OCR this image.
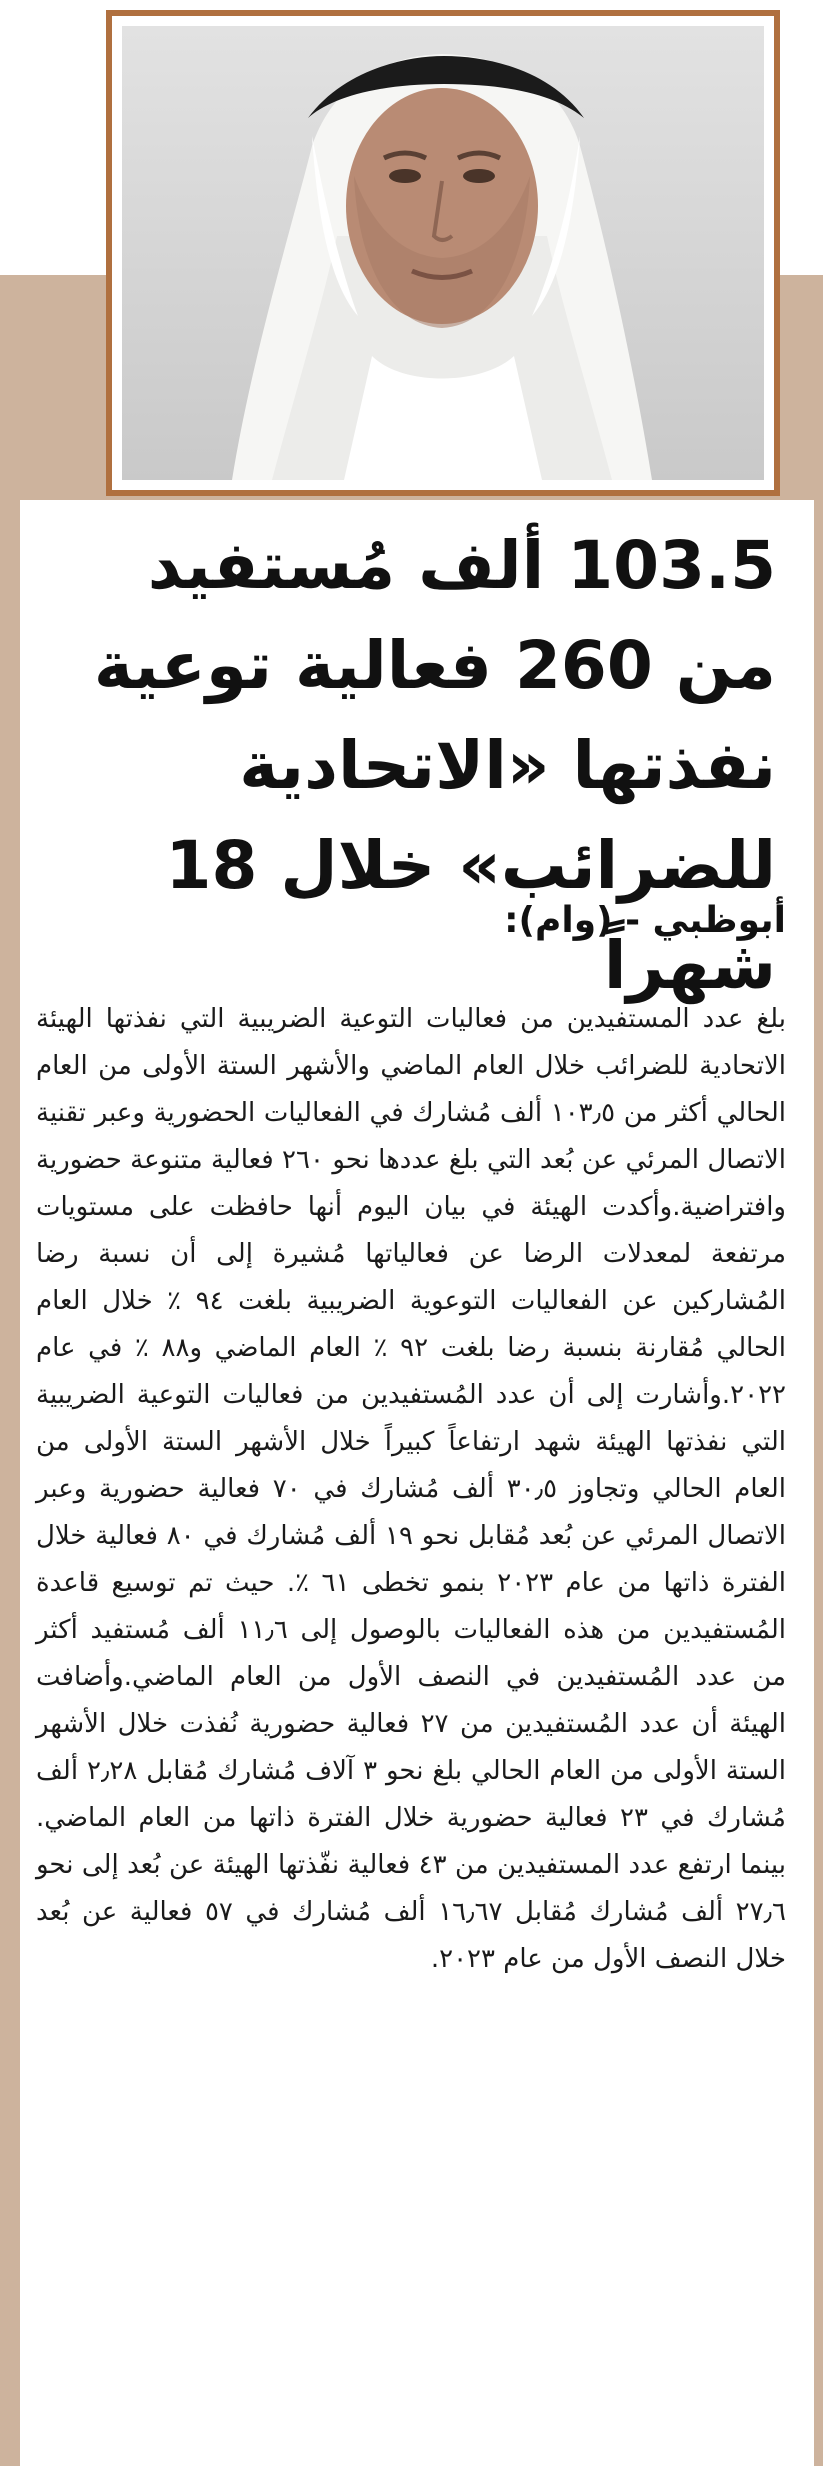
103.5 ألف مُستفيد من 260 فعالية توعية نفذتها «الاتحادية للضرائب» خلال 18 شهراً
أبوظبي - (وام):

بلغ عدد المستفيدين من فعاليات التوعية الضريبية التي نفذتها الهيئة الاتحادية للضرائب خلال العام الماضي والأشهر الستة الأولى من العام الحالي أكثر من ١٠٣٫٥ ألف مُشارك في الفعاليات الحضورية وعبر تقنية الاتصال المرئي عن بُعد التي بلغ عددها نحو ٢٦٠ فعالية متنوعة حضورية وافتراضية.وأكدت الهيئة في بيان اليوم أنها حافظت على مستويات مرتفعة لمعدلات الرضا عن فعالياتها مُشيرة إلى أن نسبة رضا المُشاركين عن الفعاليات التوعوية الضريبية بلغت ٩٤ ٪ خلال العام الحالي مُقارنة بنسبة رضا بلغت ٩٢ ٪ العام الماضي و٨٨ ٪ في عام ٢٠٢٢.وأشارت إلى أن عدد المُستفيدين من فعاليات التوعية الضريبية التي نفذتها الهيئة شهد ارتفاعاً كبيراً خلال الأشهر الستة الأولى من العام الحالي وتجاوز ٣٠٫٥ ألف مُشارك في ٧٠ فعالية حضورية وعبر الاتصال المرئي عن بُعد مُقابل نحو ١٩ ألف مُشارك في ٨٠ فعالية خلال الفترة ذاتها من عام ٢٠٢٣ بنمو تخطى ٦١ ٪. حيث تم توسيع قاعدة المُستفيدين من هذه الفعاليات بالوصول إلى ١١٫٦ ألف مُستفيد أكثر من عدد المُستفيدين في النصف الأول من العام الماضي.وأضافت الهيئة أن عدد المُستفيدين من ٢٧ فعالية حضورية نُفذت خلال الأشهر الستة الأولى من العام الحالي بلغ نحو ٣ آلاف مُشارك مُقابل ٢٫٢٨ ألف مُشارك في ٢٣ فعالية حضورية خلال الفترة ذاتها من العام الماضي. بينما ارتفع عدد المستفيدين من ٤٣ فعالية نفّذتها الهيئة عن بُعد إلى نحو ٢٧٫٦ ألف مُشارك مُقابل ١٦٫٦٧ ألف مُشارك في ٥٧ فعالية عن بُعد خلال النصف الأول من عام ٢٠٢٣.
